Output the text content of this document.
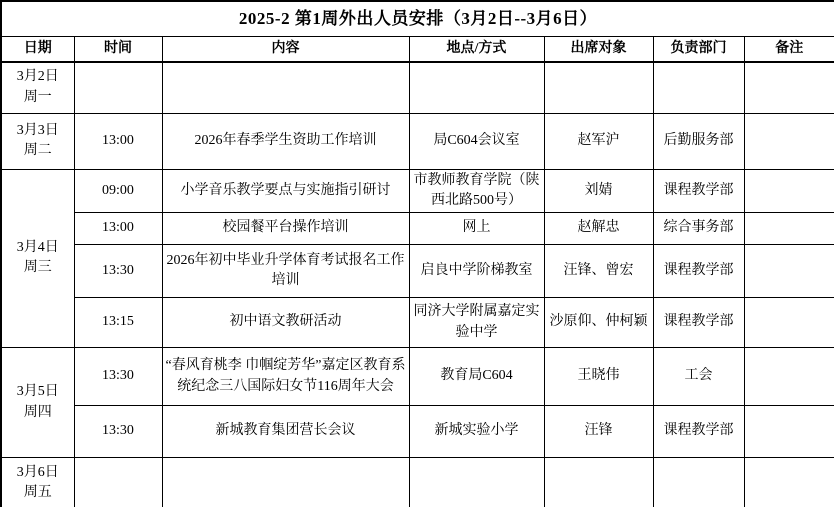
2025-2 第1周外出人员安排（3月2日--3月6日）						
日期	时间	内容	地点/方式	出席对象	负责部门	备注

3月2日
周一						

3月3日
周二	13:00	2026年春季学生资助工作培训	局C604会议室	赵军沪	后勤服务部	

3月4日
周三	09:00	小学音乐教学要点与实施指引研讨	市教师教育学院（陕西北路500号）	刘婧	课程教学部	
	13:00	校园餐平台操作培训	网上	赵解忠	综合事务部	
	13:30	2026年初中毕业升学体育考试报名工作培训	启良中学阶梯教室	汪锋、曾宏	课程教学部	
	13:15	初中语文教研活动	同济大学附属嘉定实验中学	沙原仰、仲柯颖	课程教学部	

3月5日
周四	13:30	“春风育桃李 巾帼绽芳华”嘉定区教育系统纪念三八国际妇女节116周年大会	教育局C604	王晓伟	工会	
	13:30	新城教育集团营长会议	新城实验小学	汪锋	课程教学部	

3月6日
周五						
